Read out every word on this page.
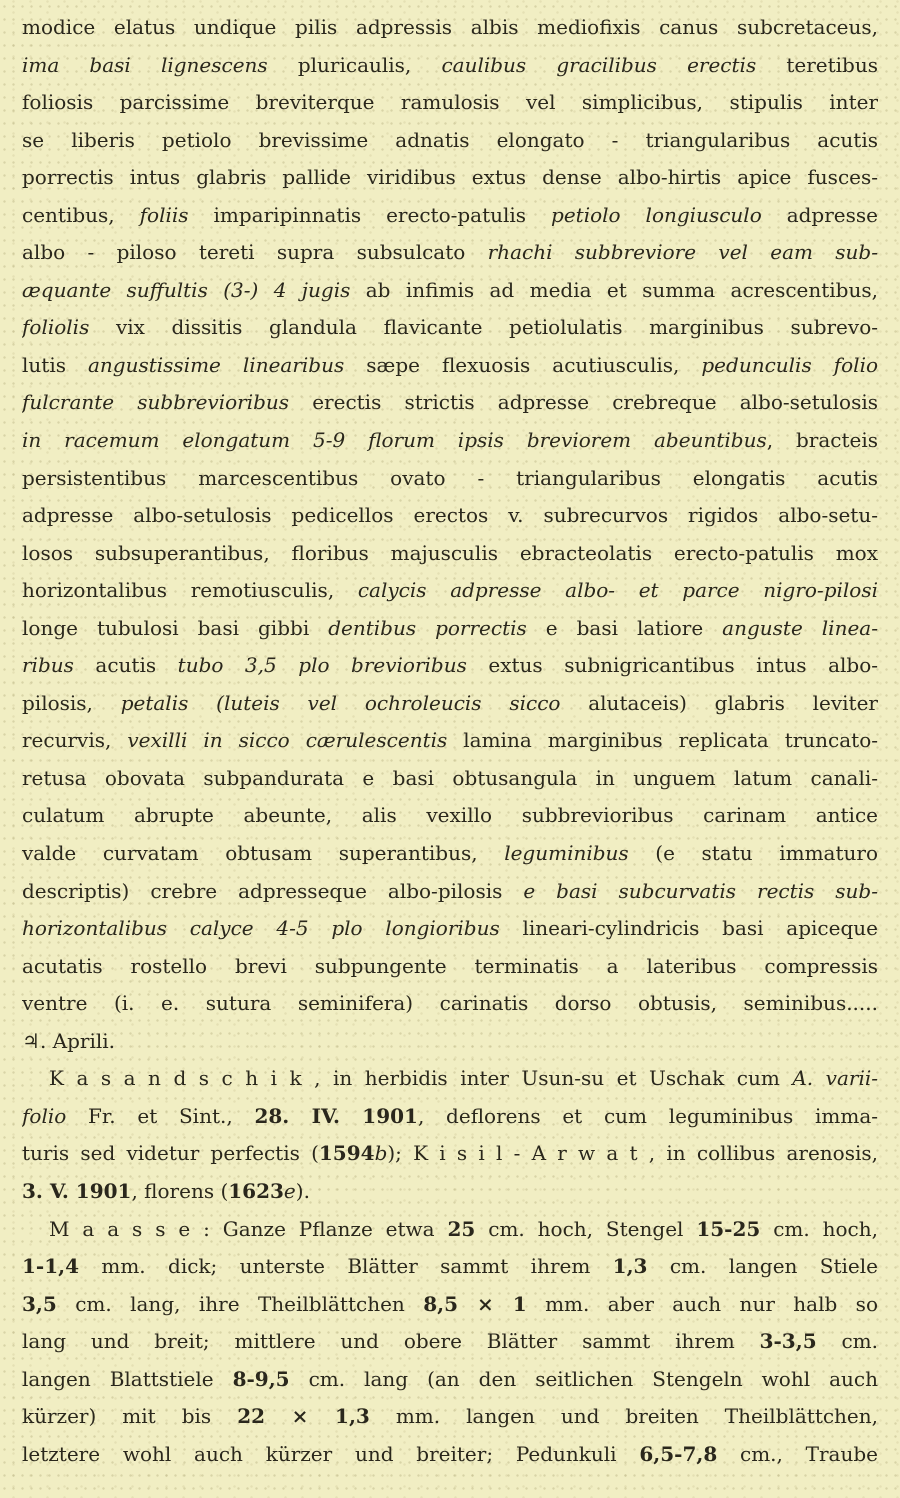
modice elatus undique pilis adpressis albis mediofixis canus subcretaceus,
ima basi lignescens pluricaulis, caulibus gracilibus erectis teretibus
foliosis parcissime breviterque ramulosis vel simplicibus, stipulis inter
se liberis petiolo brevissime adnatis elongato - triangularibus acutis
porrectis intus glabris pallide viridibus extus dense albo-hirtis apice fusces-
centibus, foliis imparipinnatis erecto-patulis petiolo longiusculo adpresse
albo - piloso tereti supra subsulcato rhachi subbreviore vel eam sub-
æquante suffultis (3-) 4 jugis ab infimis ad media et summa acrescentibus,
foliolis vix dissitis glandula flavicante petiolulatis marginibus subrevo-
lutis angustissime linearibus sæpe flexuosis acutiusculis, pedunculis folio
fulcrante subbrevioribus erectis strictis adpresse crebreque albo-setulosis
in racemum elongatum 5-9 florum ipsis breviorem abeuntibus, bracteis
persistentibus marcescentibus ovato - triangularibus elongatis acutis
adpresse albo-setulosis pedicellos erectos v. subrecurvos rigidos albo-setu-
losos subsuperantibus, floribus majusculis ebracteolatis erecto-patulis mox
horizontalibus remotiusculis, calycis adpresse albo- et parce nigro-pilosi
longe tubulosi basi gibbi dentibus porrectis e basi latiore anguste linea-
ribus acutis tubo 3,5 plo brevioribus extus subnigricantibus intus albo-
pilosis, petalis (luteis vel ochroleucis sicco alutaceis) glabris leviter
recurvis, vexilli in sicco cærulescentis lamina marginibus replicata truncato-
retusa obovata subpandurata e basi obtusangula in unguem latum canali-
culatum abrupte abeunte, alis vexillo subbrevioribus carinam antice
valde curvatam obtusam superantibus, leguminibus (e statu immaturo
descriptis) crebre adpresseque albo-pilosis e basi subcurvatis rectis sub-
horizontalibus calyce 4-5 plo longioribus lineari-cylindricis basi apiceque
acutatis rostello brevi subpungente terminatis a lateribus compressis
ventre (i. e. sutura seminifera) carinatis dorso obtusis, seminibus.....
♃. Aprili.
K a s a n d s c h i k , in herbidis inter Usun-su et Uschak cum A. varii-
folio Fr. et Sint., 28. IV. 1901, deflorens et cum leguminibus imma-
turis sed videtur perfectis (1594b); K i s i l - A r w a t , in collibus arenosis,
3. V. 1901, florens (1623e).
M a a s s e : Ganze Pflanze etwa 25 cm. hoch, Stengel 15-25 cm. hoch,
1-1,4 mm. dick; unterste Blätter sammt ihrem 1,3 cm. langen Stiele
3,5 cm. lang, ihre Theilblättchen 8,5 × 1 mm. aber auch nur halb so
lang und breit; mittlere und obere Blätter sammt ihrem 3-3,5 cm.
langen Blattstiele 8-9,5 cm. lang (an den seitlichen Stengeln wohl auch
kürzer) mit bis 22 × 1,3 mm. langen und breiten Theilblättchen,
letztere wohl auch kürzer und breiter; Pedunkuli 6,5-7,8 cm., Traube
